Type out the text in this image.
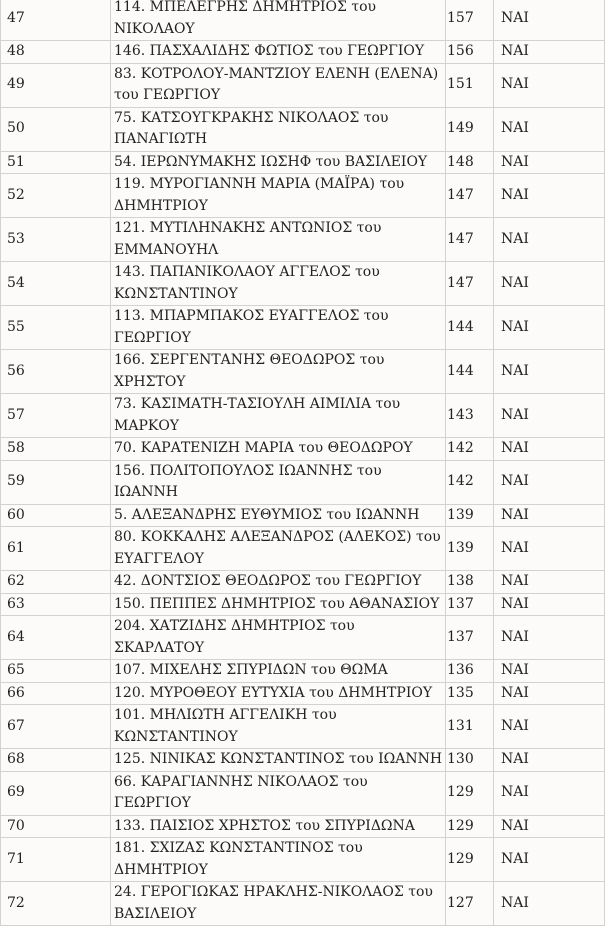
47	114. ΜΠΕΛΕΓΡΗΣ ΔΗΜΗΤΡΙΟΣ του ΝΙΚΟΛΑΟΥ	157	ΝΑΙ
48	146. ΠΑΣΧΑΛΙΔΗΣ ΦΩΤΙΟΣ του ΓΕΩΡΓΙΟΥ	156	ΝΑΙ
49	83. ΚΟΤΡΟΛΟΥ-ΜΑΝΤΖΙΟΥ ΕΛΕΝΗ (ΕΛΕΝΑ) του ΓΕΩΡΓΙΟΥ	151	ΝΑΙ
50	75. ΚΑΤΣΟΥΓΚΡΑΚΗΣ ΝΙΚΟΛΑΟΣ του ΠΑΝΑΓΙΩΤΗ	149	ΝΑΙ
51	54. ΙΕΡΩΝΥΜΑΚΗΣ ΙΩΣΗΦ του ΒΑΣΙΛΕΙΟΥ	148	ΝΑΙ
52	119. ΜΥΡΟΓΙΑΝΝΗ ΜΑΡΙΑ (ΜΑΪΡΑ) του ΔΗΜΗΤΡΙΟΥ	147	ΝΑΙ
53	121. ΜΥΤΙΛΗΝΑΚΗΣ ΑΝΤΩΝΙΟΣ του ΕΜΜΑΝΟΥΗΛ	147	ΝΑΙ
54	143. ΠΑΠΑΝΙΚΟΛΑΟΥ ΑΓΓΕΛΟΣ του ΚΩΝΣΤΑΝΤΙΝΟΥ	147	ΝΑΙ
55	113. ΜΠΑΡΜΠΑΚΟΣ ΕΥΑΓΓΕΛΟΣ του ΓΕΩΡΓΙΟΥ	144	ΝΑΙ
56	166. ΣΕΡΓΕΝΤΑΝΗΣ ΘΕΟΔΩΡΟΣ του ΧΡΗΣΤΟΥ	144	ΝΑΙ
57	73. ΚΑΣΙΜΑΤΗ-ΤΑΣΙΟΥΛΗ ΑΙΜΙΛΙΑ του ΜΑΡΚΟΥ	143	ΝΑΙ
58	70. ΚΑΡΑΤΕΝΙΖΗ ΜΑΡΙΑ του ΘΕΟΔΩΡΟΥ	142	ΝΑΙ
59	156. ΠΟΛΙΤΟΠΟΥΛΟΣ ΙΩΑΝΝΗΣ του ΙΩΑΝΝΗ	142	ΝΑΙ
60	5. ΑΛΕΞΑΝΔΡΗΣ ΕΥΘΥΜΙΟΣ του ΙΩΑΝΝΗ	139	ΝΑΙ
61	80. ΚΟΚΚΑΛΗΣ ΑΛΕΞΑΝΔΡΟΣ (ΑΛΕΚΟΣ) του ΕΥΑΓΓΕΛΟΥ	139	ΝΑΙ
62	42. ΔΟΝΤΣΙΟΣ ΘΕΟΔΩΡΟΣ του ΓΕΩΡΓΙΟΥ	138	ΝΑΙ
63	150. ΠΕΠΠΕΣ ΔΗΜΗΤΡΙΟΣ του ΑΘΑΝΑΣΙΟΥ	137	ΝΑΙ
64	204. ΧΑΤΖΙΔΗΣ ΔΗΜΗΤΡΙΟΣ του ΣΚΑΡΛΑΤΟΥ	137	ΝΑΙ
65	107. ΜΙΧΕΛΗΣ ΣΠΥΡΙΔΩΝ του ΘΩΜΑ	136	ΝΑΙ
66	120. ΜΥΡΟΘΕΟΥ ΕΥΤΥΧΙΑ του ΔΗΜΗΤΡΙΟΥ	135	ΝΑΙ
67	101. ΜΗΛΙΩΤΗ ΑΓΓΕΛΙΚΗ του ΚΩΝΣΤΑΝΤΙΝΟΥ	131	ΝΑΙ
68	125. ΝΙΝΙΚΑΣ ΚΩΝΣΤΑΝΤΙΝΟΣ του ΙΩΑΝΝΗ	130	ΝΑΙ
69	66. ΚΑΡΑΓΙΑΝΝΗΣ ΝΙΚΟΛΑΟΣ του ΓΕΩΡΓΙΟΥ	129	ΝΑΙ
70	133. ΠΑΙΣΙΟΣ ΧΡΗΣΤΟΣ του ΣΠΥΡΙΔΩΝΑ	129	ΝΑΙ
71	181. ΣΧΙΖΑΣ ΚΩΝΣΤΑΝΤΙΝΟΣ του ΔΗΜΗΤΡΙΟΥ	129	ΝΑΙ
72	24. ΓΕΡΟΓΙΩΚΑΣ ΗΡΑΚΛΗΣ-ΝΙΚΟΛΑΟΣ του ΒΑΣΙΛΕΙΟΥ	127	ΝΑΙ
